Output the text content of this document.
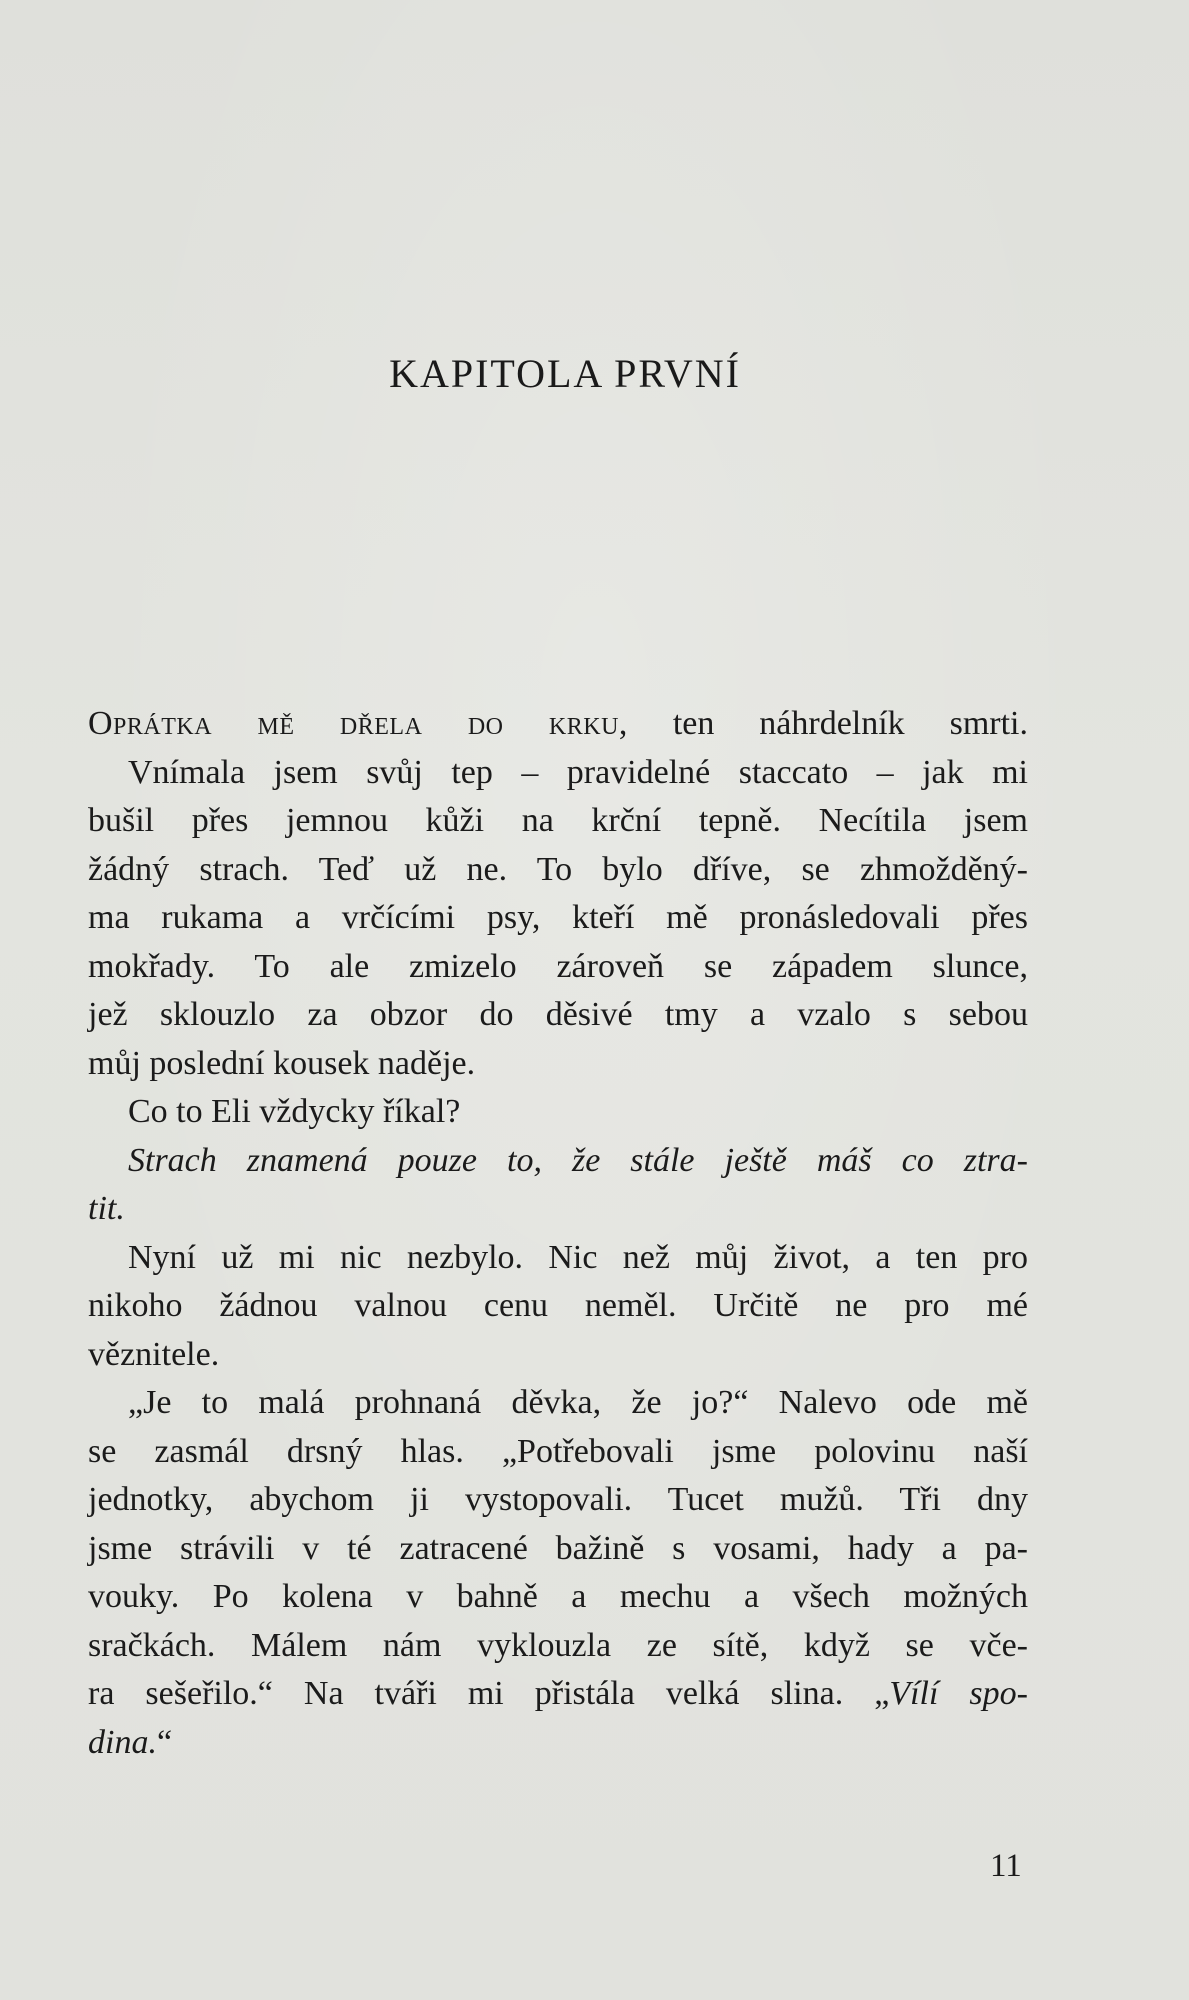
KAPITOLA PRVNÍ
Oprátka mě dřela do krku, ten náhrdelník smrti.
Vnímala jsem svůj tep – pravidelné staccato – jak mi
bušil přes jemnou kůži na krční tepně. Necítila jsem
žádný strach. Teď už ne. To bylo dříve, se zhmožděný-
ma rukama a vrčícími psy, kteří mě pronásledovali přes
mokřady. To ale zmizelo zároveň se západem slunce,
jež sklouzlo za obzor do děsivé tmy a vzalo s sebou
můj poslední kousek naděje.
Co to Eli vždycky říkal?
Strach znamená pouze to, že stále ještě máš co ztra-
tit.
Nyní už mi nic nezbylo. Nic než můj život, a ten pro
nikoho žádnou valnou cenu neměl. Určitě ne pro mé
věznitele.
„Je to malá prohnaná děvka, že jo?“ Nalevo ode mě
se zasmál drsný hlas. „Potřebovali jsme polovinu naší
jednotky, abychom ji vystopovali. Tucet mužů. Tři dny
jsme strávili v té zatracené bažině s vosami, hady a pa-
vouky. Po kolena v bahně a mechu a všech možných
sračkách. Málem nám vyklouzla ze sítě, když se vče-
ra sešeřilo.“ Na tváři mi přistála velká slina. „Vílí spo-
dina.“
11
